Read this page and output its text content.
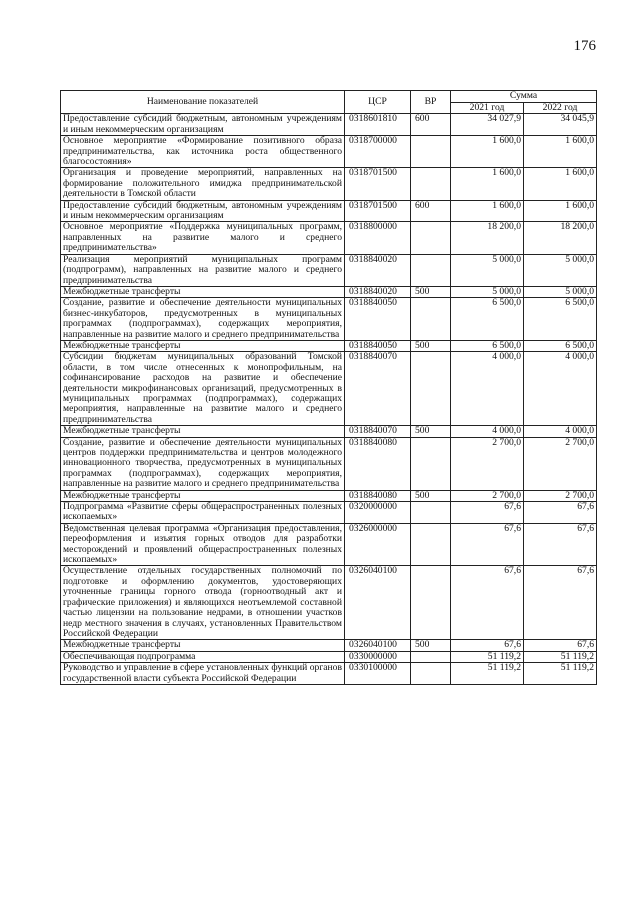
176
Наименование показателей	ЦСР	ВР	Сумма	
			2021 год	2022 год
Предоставление субсидий бюджетным, автономным учреждениям и иным некоммерческим организациям	0318601810	600	34 027,9	34 045,9
Основное мероприятие «Формирование позитивного образа предпринимательства, как источника роста общественного благосостояния»	0318700000		1 600,0	1 600,0
Организация и проведение мероприятий, направленных на формирование положительного имиджа предпринимательской деятельности в Томской области	0318701500		1 600,0	1 600,0
Предоставление субсидий бюджетным, автономным учреждениям и иным некоммерческим организациям	0318701500	600	1 600,0	1 600,0
Основное мероприятие «Поддержка муниципальных программ, направленных на развитие малого и среднего предпринимательства»	0318800000		18 200,0	18 200,0
Реализация мероприятий муниципальных программ (подпрограмм), направленных на развитие малого и среднего предпринимательства	0318840020		5 000,0	5 000,0
Межбюджетные трансферты	0318840020	500	5 000,0	5 000,0
Создание, развитие и обеспечение деятельности муниципальных бизнес-инкубаторов, предусмотренных в муниципальных программах (подпрограммах), содержащих мероприятия, направленные на развитие малого и среднего предпринимательства	0318840050		6 500,0	6 500,0
Межбюджетные трансферты	0318840050	500	6 500,0	6 500,0
Субсидии бюджетам муниципальных образований Томской области, в том числе отнесенных к монопрофильным, на софинансирование расходов на развитие и обеспечение деятельности микрофинансовых организаций, предусмотренных в муниципальных программах (подпрограммах), содержащих мероприятия, направленные на развитие малого и среднего предпринимательства	0318840070		4 000,0	4 000,0
Межбюджетные трансферты	0318840070	500	4 000,0	4 000,0
Создание, развитие и обеспечение деятельности муниципальных центров поддержки предпринимательства и центров молодежного инновационного творчества, предусмотренных в муниципальных программах (подпрограммах), содержащих мероприятия, направленные на развитие малого и среднего предпринимательства	0318840080		2 700,0	2 700,0
Межбюджетные трансферты	0318840080	500	2 700,0	2 700,0
Подпрограмма «Развитие сферы общераспространенных полезных ископаемых»	0320000000		67,6	67,6
Ведомственная целевая программа «Организация предоставления, переоформления и изъятия горных отводов для разработки месторождений и проявлений общераспространенных полезных ископаемых»	0326000000		67,6	67,6
Осуществление отдельных государственных полномочий по подготовке и оформлению документов, удостоверяющих уточненные границы горного отвода (горноотводный акт и графические приложения) и являющихся неотъемлемой составной частью лицензии на пользование недрами, в отношении участков недр местного значения в случаях, установленных Правительством Российской Федерации	0326040100		67,6	67,6
Межбюджетные трансферты	0326040100	500	67,6	67,6
Обеспечивающая подпрограмма	0330000000		51 119,2	51 119,2
Руководство и управление в сфере установленных функций органов государственной власти субъекта Российской Федерации	0330100000		51 119,2	51 119,2
